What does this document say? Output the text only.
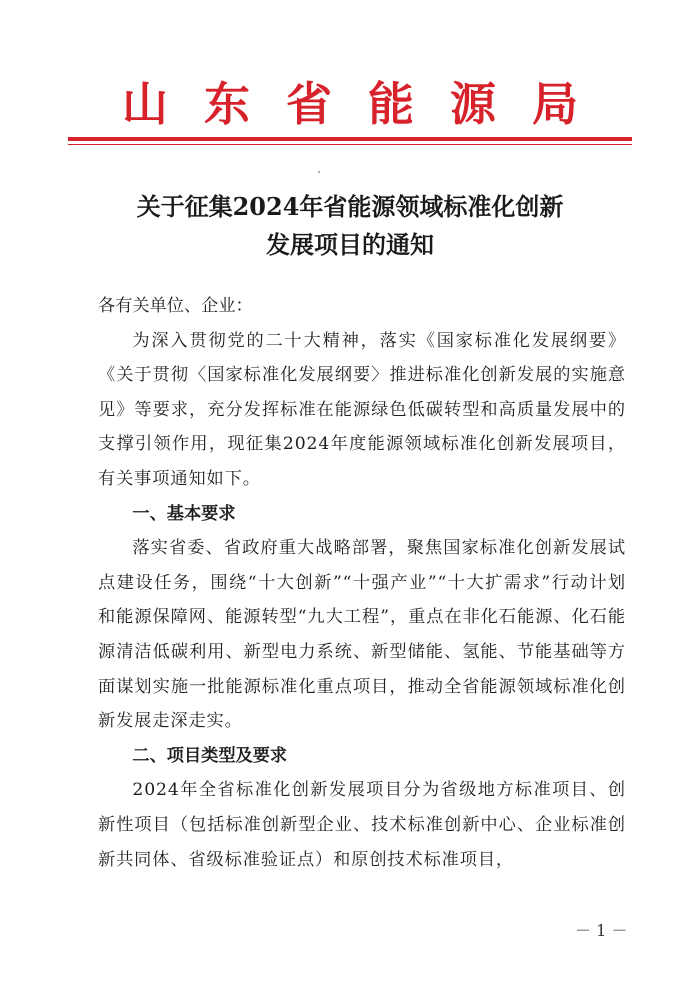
山东省能源局
关于征集2024年省能源领域标准化创新
发展项目的通知
各有关单位、企业：

为深入贯彻党的二十大精神，落实《国家标准化发展纲要》《关于贯彻〈国家标准化发展纲要〉推进标准化创新发展的实施意见》等要求，充分发挥标准在能源绿色低碳转型和高质量发展中的支撑引领作用，现征集2024年度能源领域标准化创新发展项目，有关事项通知如下。

一、基本要求

落实省委、省政府重大战略部署，聚焦国家标准化创新发展试点建设任务，围绕“十大创新”“十强产业”“十大扩需求”行动计划和能源保障网、能源转型“九大工程”，重点在非化石能源、化石能源清洁低碳利用、新型电力系统、新型储能、氢能、节能基础等方面谋划实施一批能源标准化重点项目，推动全省能源领域标准化创新发展走深走实。

二、项目类型及要求

2024年全省标准化创新发展项目分为省级地方标准项目、创新性项目（包括标准创新型企业、技术标准创新中心、企业标准创新共同体、省级标准验证点）和原创技术标准项目，

－ 1 －
